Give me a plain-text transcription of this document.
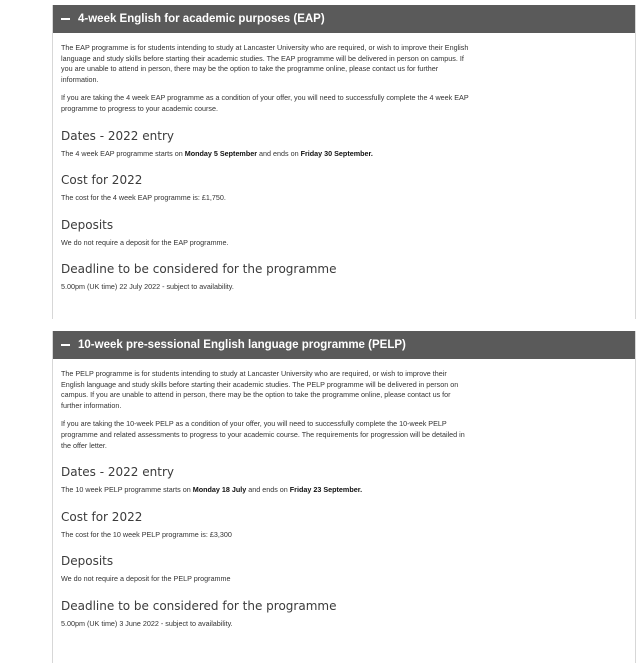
4-week English for academic purposes (EAP)

The EAP programme is for students intending to study at Lancaster University who are required, or wish to improve their English language and study skills before starting their academic studies. The EAP programme will be delivered in person on campus. If you are unable to attend in person, there may be the option to take the programme online, please contact us for further information.

If you are taking the 4 week EAP programme as a condition of your offer, you will need to successfully complete the 4 week EAP programme to progress to your academic course.

Dates - 2022 entry

The 4 week EAP programme starts on Monday 5 September and ends on Friday 30 September.

Cost for 2022

The cost for the 4 week EAP programme is: £1,750.

Deposits

We do not require a deposit for the EAP programme.

Deadline to be considered for the programme

5.00pm (UK time) 22 July 2022 - subject to availability.

10-week pre-sessional English language programme (PELP)

The PELP programme is for students intending to study at Lancaster University who are required, or wish to improve their English language and study skills before starting their academic studies. The PELP programme will be delivered in person on campus. If you are unable to attend in person, there may be the option to take the programme online, please contact us for further information.

If you are taking the 10-week PELP as a condition of your offer, you will need to successfully complete the 10-week PELP programme and related assessments to progress to your academic course. The requirements for progression will be detailed in the offer letter.

Dates - 2022 entry

The 10 week PELP programme starts on Monday 18 July and ends on Friday 23 September.

Cost for 2022

The cost for the 10 week PELP programme is: £3,300

Deposits

We do not require a deposit for the PELP programme

Deadline to be considered for the programme

5.00pm (UK time) 3 June 2022 - subject to availability.
